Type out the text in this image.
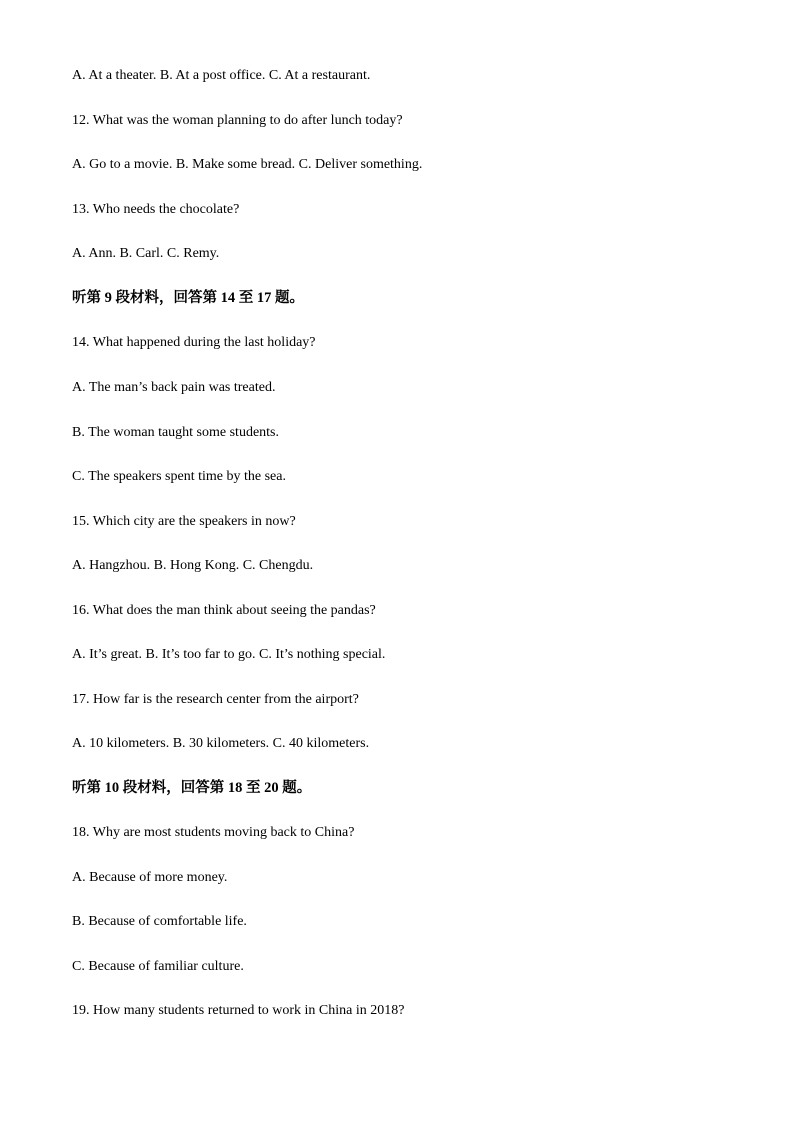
A. At a theater. B. At a post office. C. At a restaurant.
12. What was the woman planning to do after lunch today?
A. Go to a movie. B. Make some bread. C. Deliver something.
13. Who needs the chocolate?
A. Ann. B. Carl. C. Remy.
听第 9 段材料，回答第 14 至 17 题。
14. What happened during the last holiday?
A. The man’s back pain was treated.
B. The woman taught some students.
C. The speakers spent time by the sea.
15. Which city are the speakers in now?
A. Hangzhou. B. Hong Kong. C. Chengdu.
16. What does the man think about seeing the pandas?
A. It’s great. B. It’s too far to go. C. It’s nothing special.
17. How far is the research center from the airport?
A. 10 kilometers. B. 30 kilometers. C. 40 kilometers.
听第 10 段材料，回答第 18 至 20 题。
18. Why are most students moving back to China?
A. Because of more money.
B. Because of comfortable life.
C. Because of familiar culture.
19. How many students returned to work in China in 2018?
